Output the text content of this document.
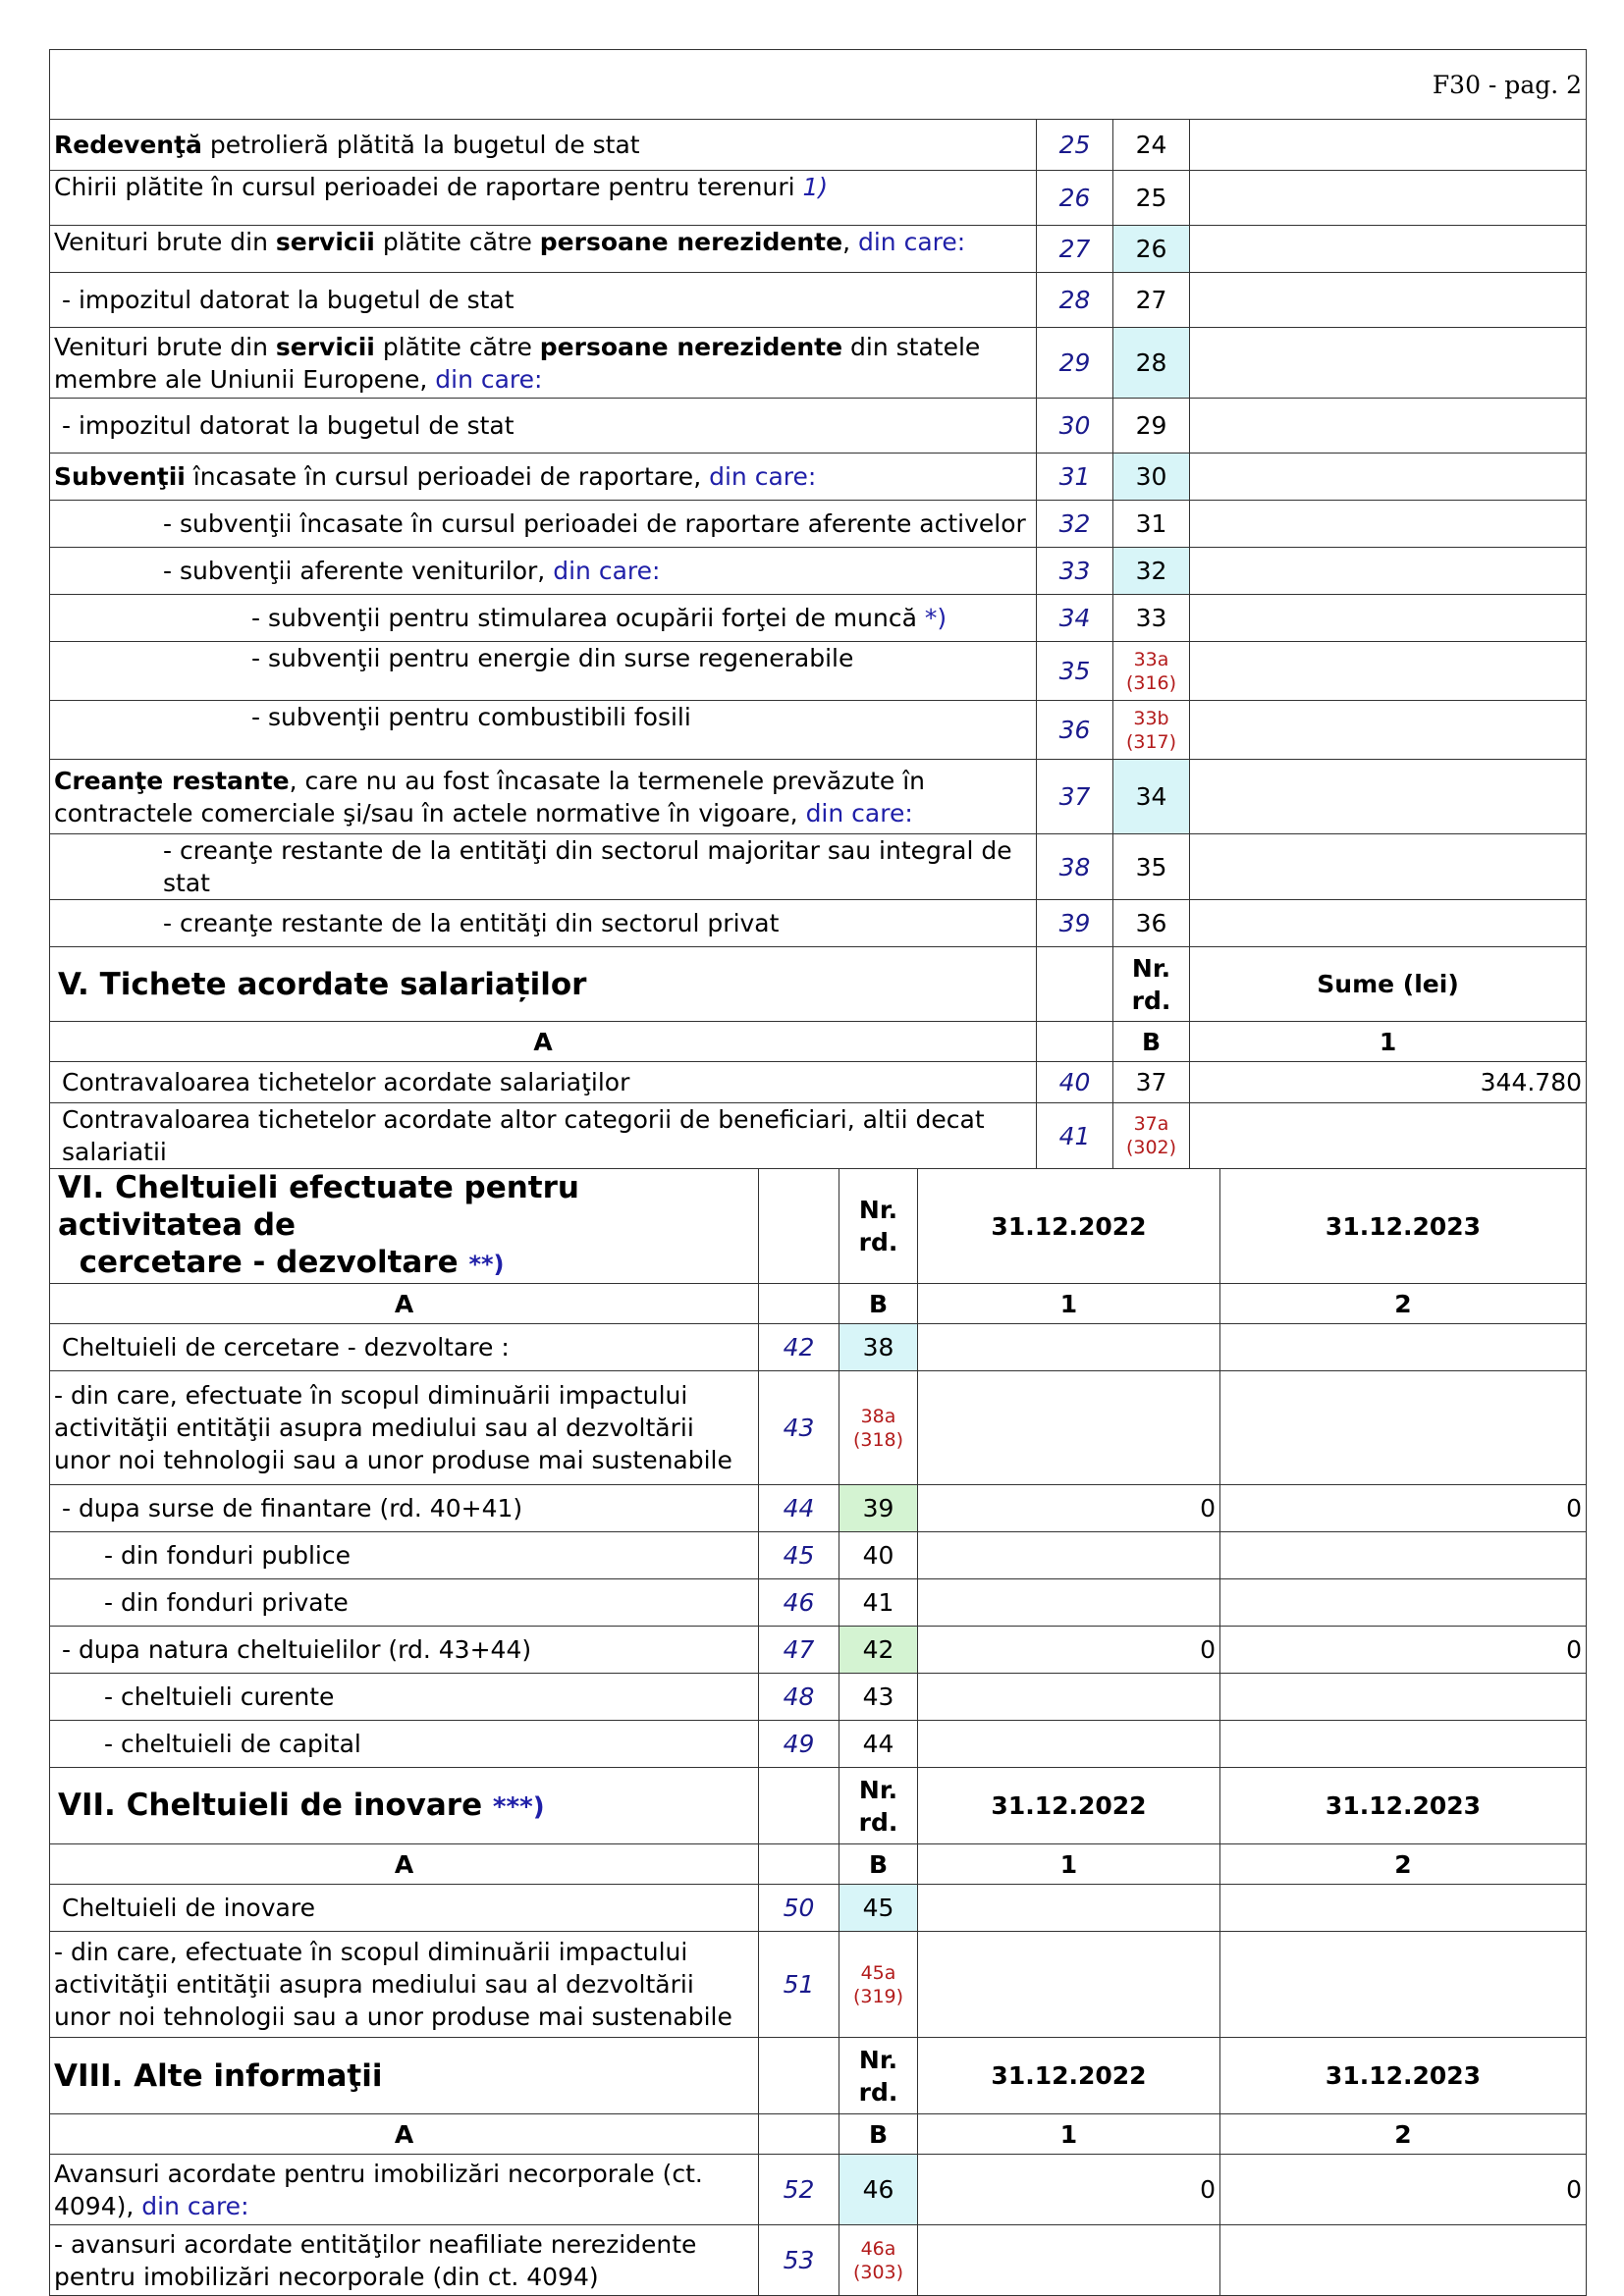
F30 - pag. 2			
Redevenţă petrolieră plătită la bugetul de stat	25	24	
Chirii plătite în cursul perioadei de raportare pentru terenuri 1)	26	25	
Venituri brute din servicii plătite către persoane nerezidente, din care:	27	26	
- impozitul datorat la bugetul de stat	28	27	
Venituri brute din servicii plătite către persoane nerezidente din statele membre ale Uniunii Europene, din care:	29	28	
- impozitul datorat la bugetul de stat	30	29	
Subvenţii încasate în cursul perioadei de raportare, din care:	31	30	
- subvenţii încasate în cursul perioadei de raportare aferente activelor	32	31	
- subvenţii aferente veniturilor, din care:	33	32	
- subvenţii pentru stimularea ocupării forţei de muncă *)	34	33	
- subvenţii pentru energie din surse regenerabile	35	33a
(316)	
- subvenţii pentru combustibili fosili	36	33b
(317)	
Creanţe restante, care nu au fost încasate la termenele prevăzute în contractele comerciale şi/sau în actele normative în vigoare, din care:	37	34	
- creanţe restante de la entităţi din sectorul majoritar sau integral de stat	38	35	
- creanţe restante de la entităţi din sectorul privat	39	36	
V. Tichete acordate salariaților		Nr. rd.	Sume (lei)
A		B	1
Contravaloarea tichetelor acordate salariaţilor	40	37	344.780
Contravaloarea tichetelor acordate altor categorii de beneficiari, altii decat salariatii	41	37a
(302)	
VI. Cheltuieli efectuate pentru activitatea de
cercetare - dezvoltare **)		Nr. rd.	31.12.2022	31.12.2023
A		B	1	2
Cheltuieli de cercetare - dezvoltare :	42	38		
- din care, efectuate în scopul diminuării impactului activităţii entităţii asupra mediului sau al dezvoltării unor noi tehnologii sau a unor produse mai sustenabile	43	38a
(318)		
- dupa surse de finantare (rd. 40+41)	44	39	0	0
- din fonduri publice	45	40		
- din fonduri private	46	41		
- dupa natura cheltuielilor (rd. 43+44)	47	42	0	0
- cheltuieli curente	48	43		
- cheltuieli de capital	49	44		
VII. Cheltuieli de inovare ***)		Nr. rd.	31.12.2022	31.12.2023
A		B	1	2
Cheltuieli de inovare	50	45		
- din care, efectuate în scopul diminuării impactului activităţii entităţii asupra mediului sau al dezvoltării unor noi tehnologii sau a unor produse mai sustenabile	51	45a
(319)		
VIII. Alte informaţii		Nr. rd.	31.12.2022	31.12.2023
A		B	1	2
Avansuri acordate pentru imobilizări necorporale (ct. 4094), din care:	52	46	0	0
- avansuri acordate entităţilor neafiliate nerezidente pentru imobilizări necorporale (din ct. 4094)	53	46a
(303)		
